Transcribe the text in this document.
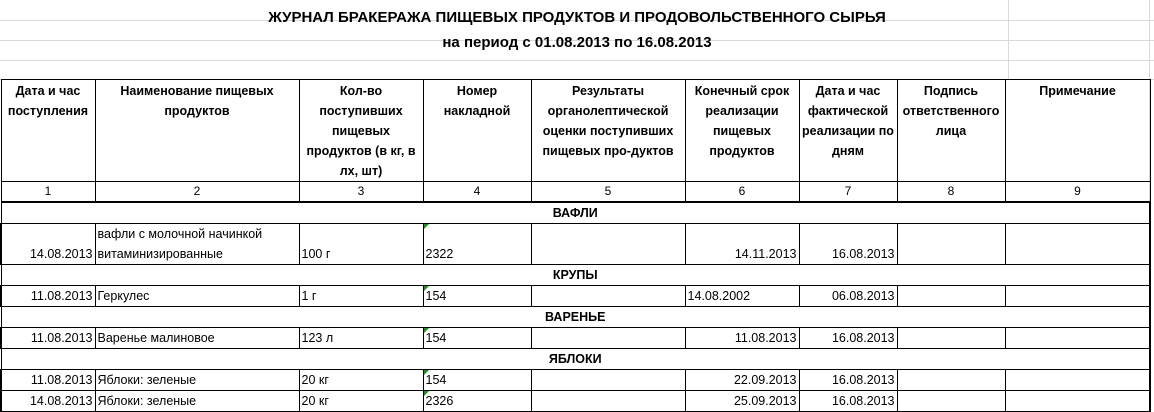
ЖУРНАЛ БРАКЕРАЖА ПИЩЕВЫХ ПРОДУКТОВ И ПРОДОВОЛЬСТВЕННОГО СЫРЬЯ
на период с 01.08.2013 по 16.08.2013
Дата и час поступления	Наименование пищевых продуктов	Кол-во поступивших пищевых продуктов (в кг, в лх, шт)	Номер накладной	Результаты органолептической оценки поступивших пищевых про-дуктов	Конечный срок реализации пищевых продуктов	Дата и час фактической реализации по дням	Подпись ответственного лица	Примечание
1	2	3	4	5	6	7	8	9
ВАФЛИ								
14.08.2013	вафли с молочной начинкой витаминизированные	100 г	2322		14.11.2013	16.08.2013		
КРУПЫ								
11.08.2013	Геркулес	1 г	154		14.08.2002	06.08.2013		
ВАРЕНЬЕ								
11.08.2013	Варенье малиновое	123 л	154		11.08.2013	16.08.2013		
ЯБЛОКИ								
11.08.2013	Яблоки: зеленые	20 кг	154		22.09.2013	16.08.2013		
14.08.2013	Яблоки: зеленые	20 кг	2326		25.09.2013	16.08.2013		
